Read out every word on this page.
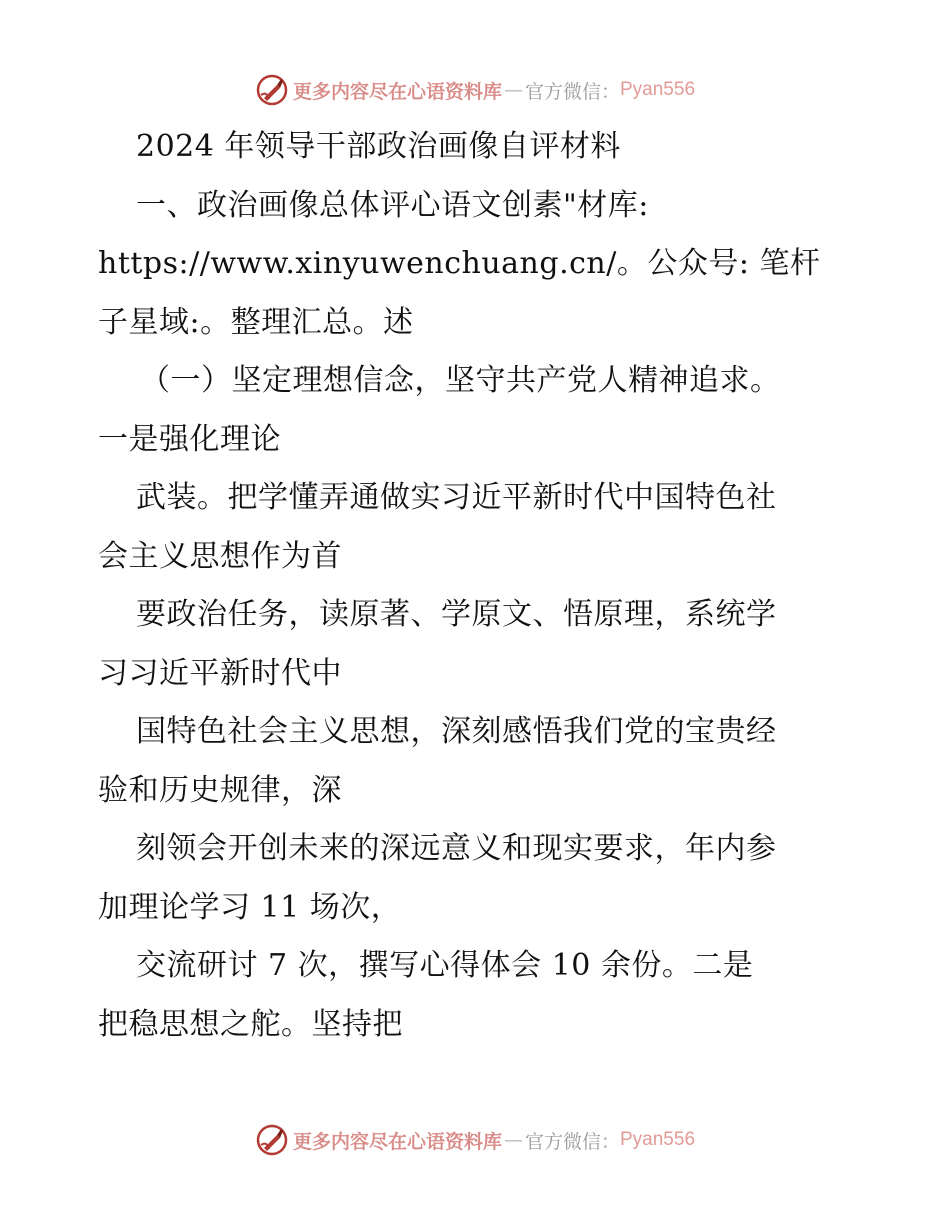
更多内容尽在心语资料库 — 官方微信： Pyan556
2024 年领导干部政治画像自评材料
一、政治画像总体评心语文创素"材库:
https://www.xinyuwenchuang.cn/。公众号: 笔杆
子星域:。整理汇总。述
（一）坚定理想信念，坚守共产党人精神追求。
一是强化理论
武装。把学懂弄通做实习近平新时代中国特色社
会主义思想作为首
要政治任务，读原著、学原文、悟原理，系统学
习习近平新时代中
国特色社会主义思想，深刻感悟我们党的宝贵经
验和历史规律，深
刻领会开创未来的深远意义和现实要求，年内参
加理论学习 11 场次，
交流研讨 7 次，撰写心得体会 10 余份。二是
把稳思想之舵。坚持把
更多内容尽在心语资料库 — 官方微信： Pyan556
